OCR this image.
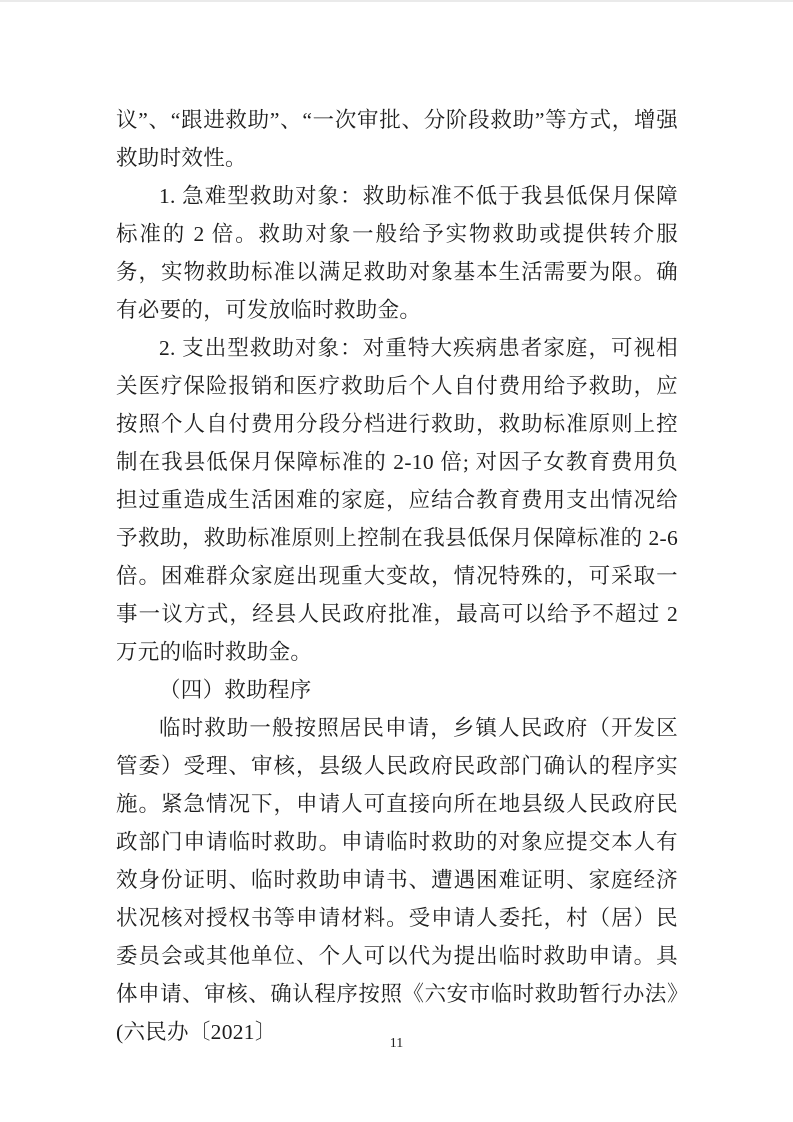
议”、“跟进救助”、“一次审批、分阶段救助”等方式，增强救助时效性。

1. 急难型救助对象：救助标准不低于我县低保月保障标准的 2 倍。救助对象一般给予实物救助或提供转介服务，实物救助标准以满足救助对象基本生活需要为限。确有必要的，可发放临时救助金。

2. 支出型救助对象：对重特大疾病患者家庭，可视相关医疗保险报销和医疗救助后个人自付费用给予救助，应按照个人自付费用分段分档进行救助，救助标准原则上控制在我县低保月保障标准的 2-10 倍; 对因子女教育费用负担过重造成生活困难的家庭，应结合教育费用支出情况给予救助，救助标准原则上控制在我县低保月保障标准的 2-6 倍。困难群众家庭出现重大变故，情况特殊的，可采取一事一议方式，经县人民政府批准，最高可以给予不超过 2 万元的临时救助金。

（四）救助程序

临时救助一般按照居民申请，乡镇人民政府（开发区管委）受理、审核，县级人民政府民政部门确认的程序实施。紧急情况下，申请人可直接向所在地县级人民政府民政部门申请临时救助。申请临时救助的对象应提交本人有效身份证明、临时救助申请书、遭遇困难证明、家庭经济状况核对授权书等申请材料。受申请人委托，村（居）民委员会或其他单位、个人可以代为提出临时救助申请。具体申请、审核、确认程序按照《六安市临时救助暂行办法》(六民办〔2021〕	11
